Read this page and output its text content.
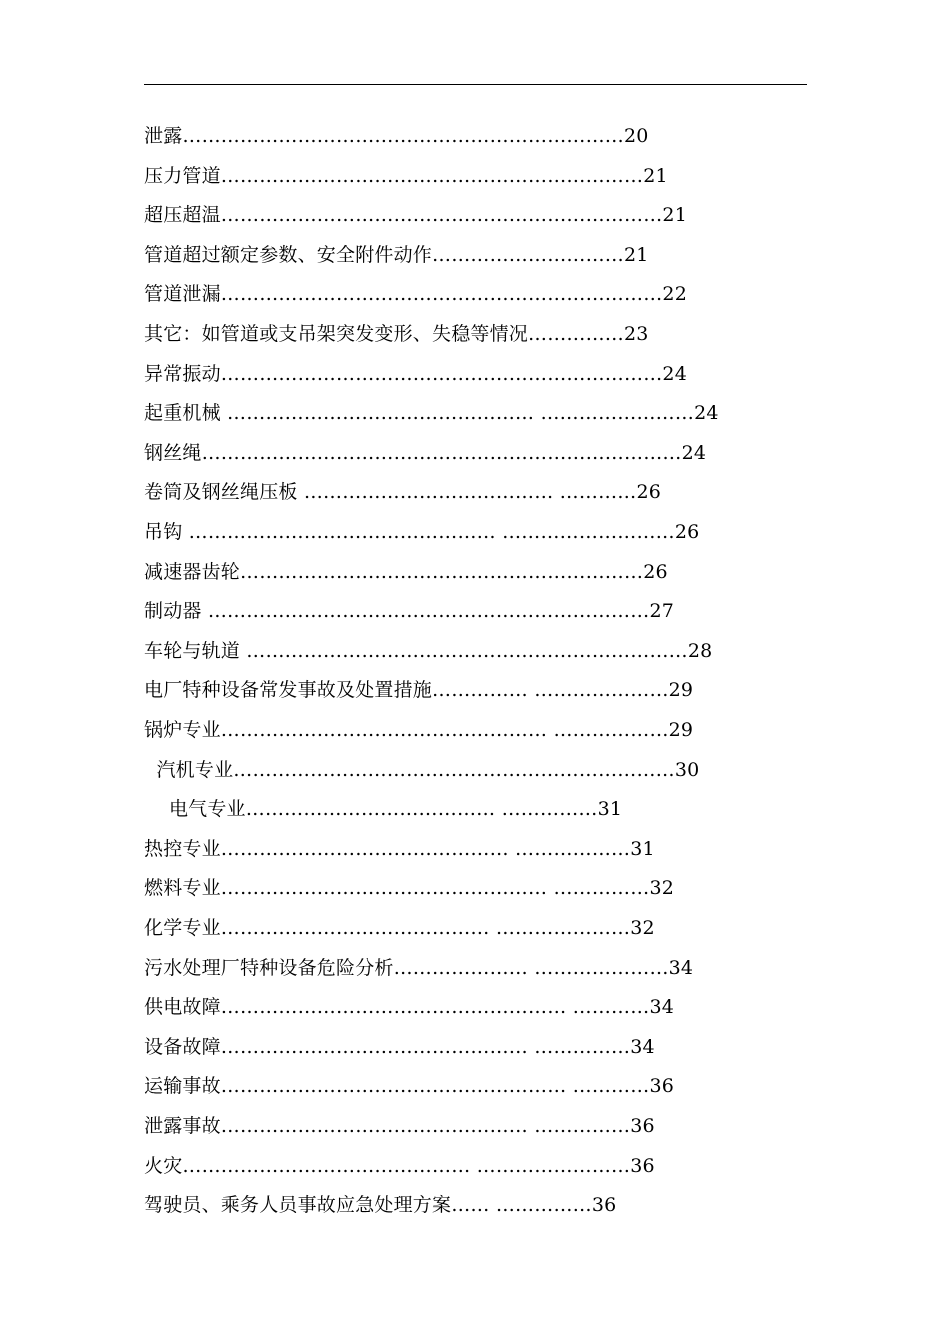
泄露……………………………………………………………20
压力管道…………………………………………………………21
超压超温……………………………………………………………21
管道超过额定参数、安全附件动作…………………………21
管道泄漏……………………………………………………………22
其它：如管道或支吊架突发变形、失稳等情况……………23
异常振动……………………………………………………………24
起重机械 ………………………………………… ……………………24
钢丝绳…………………………………………………………………24
卷筒及钢丝绳压板 ………………………………… …………26
吊钩 ………………………………………… ………………………26
减速器齿轮………………………………………………………26
制动器 ……………………………………………………………27
车轮与轨道 ……………………………………………………………28
电厂特种设备常发事故及处置措施…………… …………………29
锅炉专业…………………………………………… ………………29
汽机专业……………………………………………………………30
电气专业………………………………… ……………31
热控专业……………………………………… ………………31
燃料专业…………………………………………… ……………32
化学专业…………………………………… …………………32
污水处理厂特种设备危险分析………………… …………………34
供电故障……………………………………………… …………34
设备故障………………………………………… ……………34
运输事故……………………………………………… …………36
泄露事故………………………………………… ……………36
火灾……………………………………… ……………………36
驾驶员、乘务人员事故应急处理方案…… ……………36
